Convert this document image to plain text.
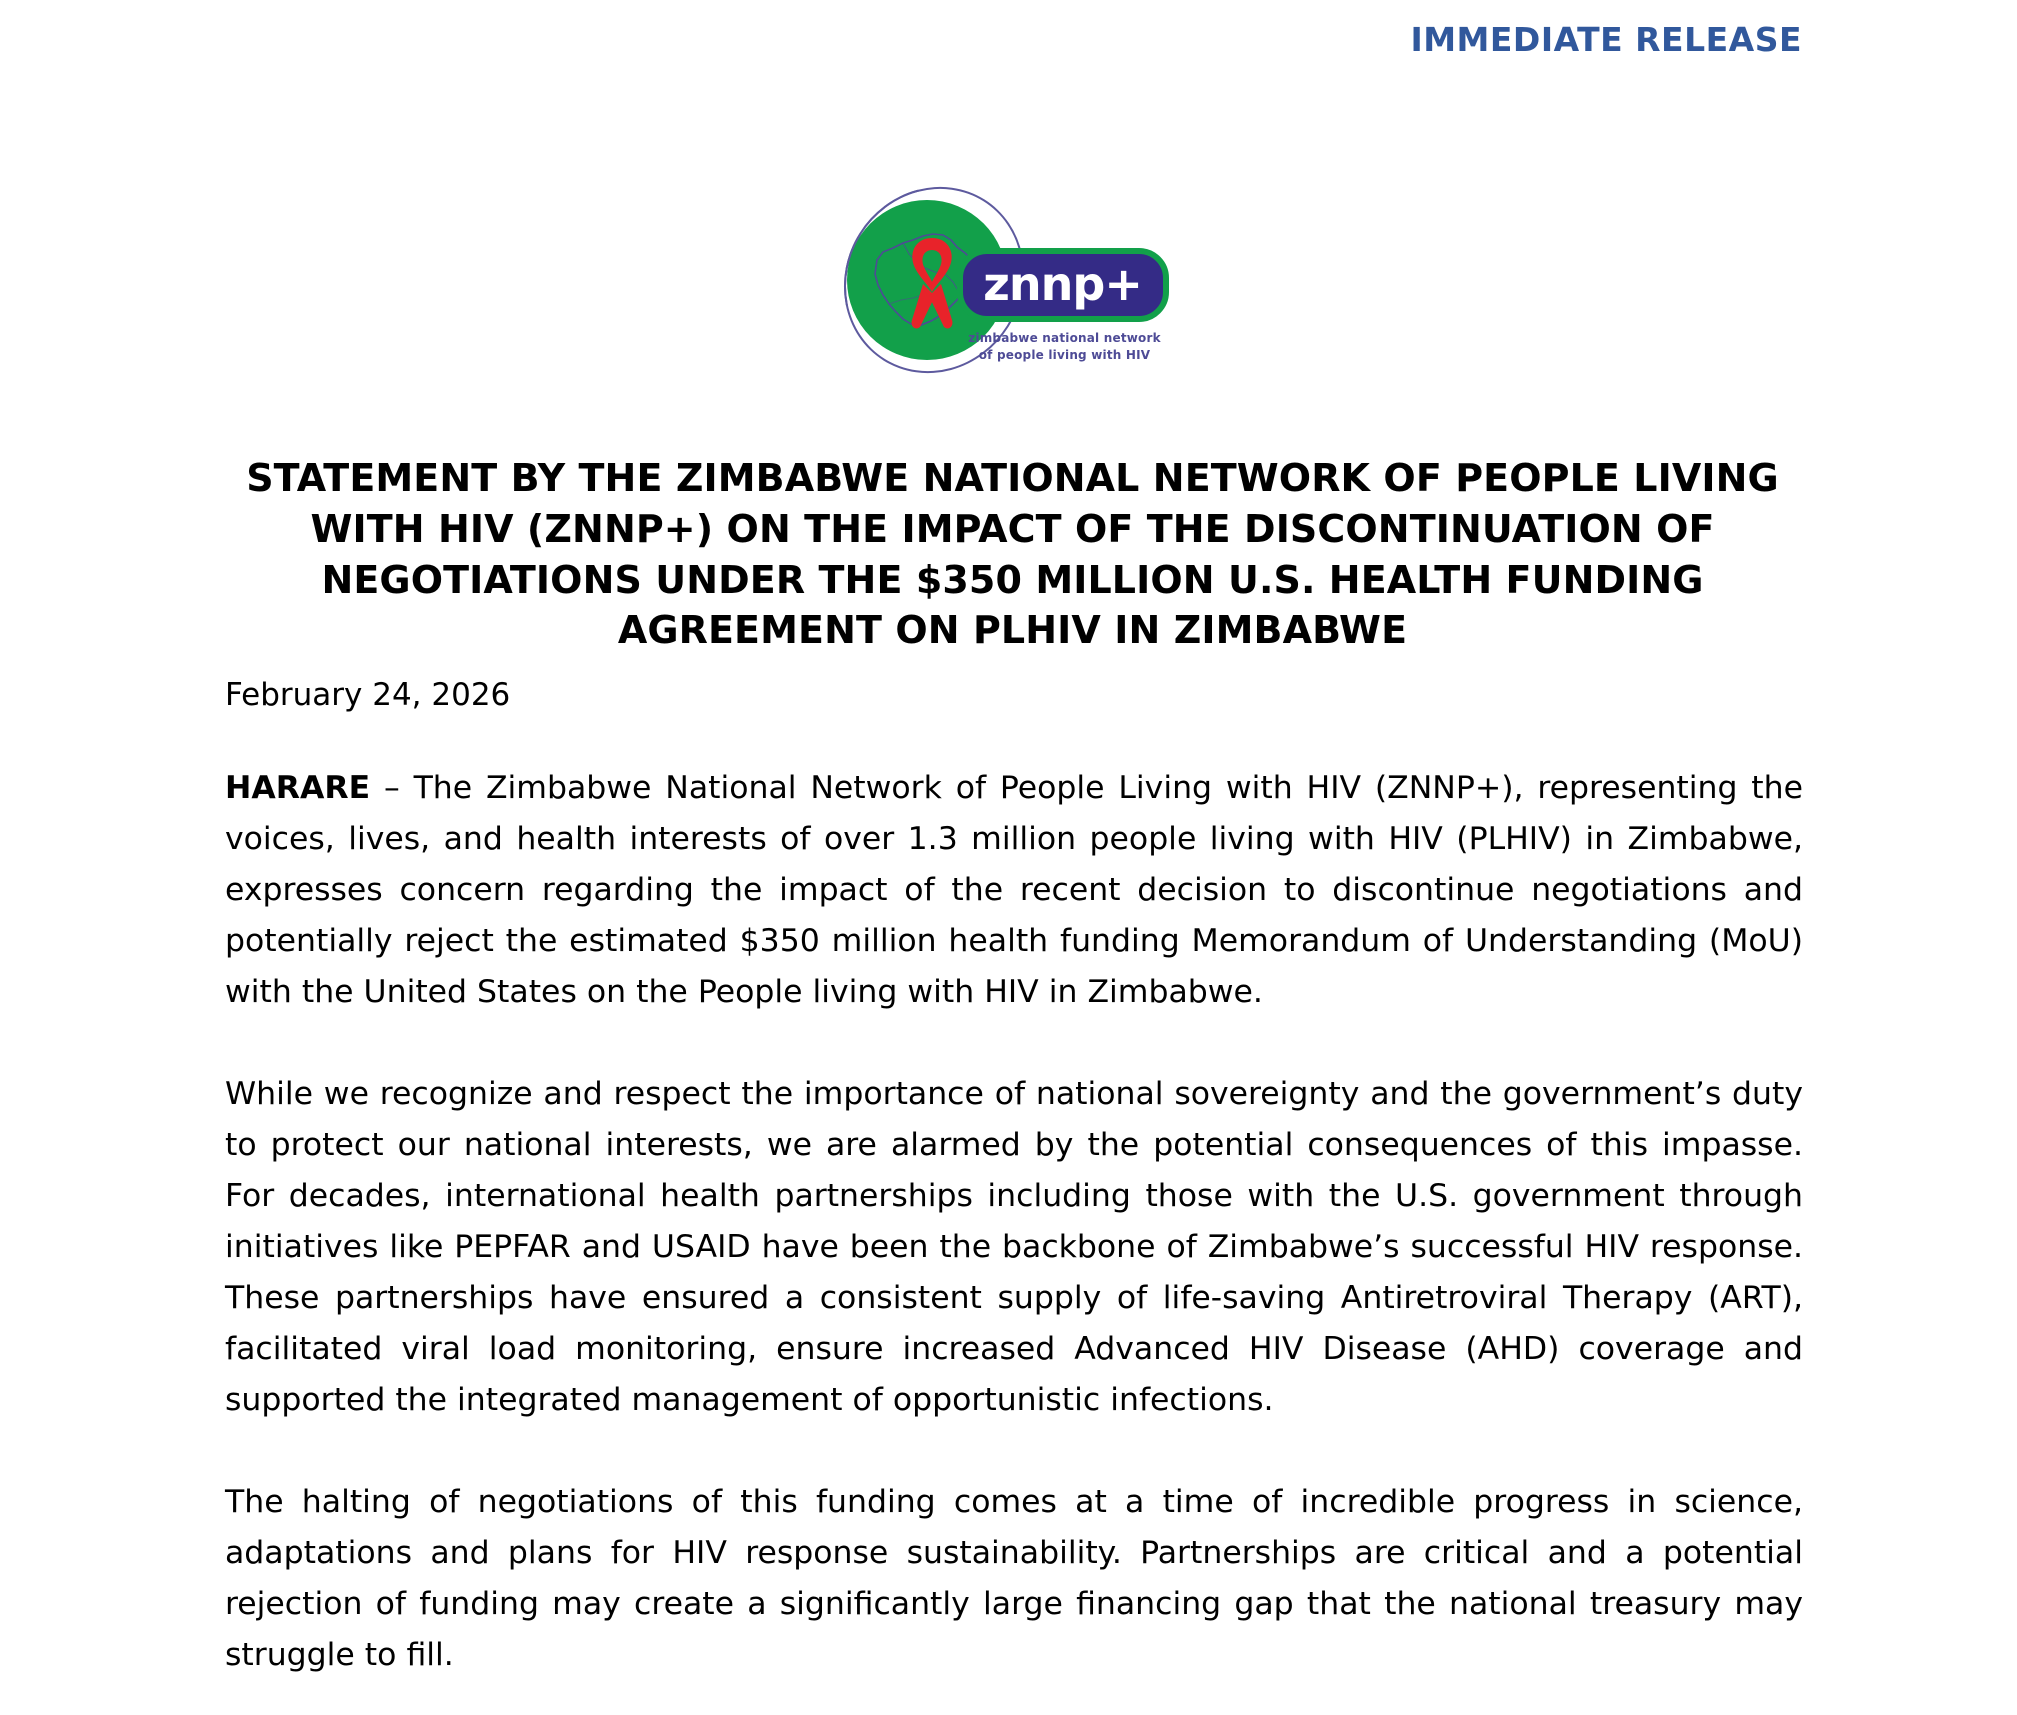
IMMEDIATE RELEASE
znnp+
zimbabwe national network
of people living with HIV
STATEMENT BY THE ZIMBABWE NATIONAL NETWORK OF PEOPLE LIVING WITH HIV (ZNNP+) ON THE IMPACT OF THE DISCONTINUATION OF NEGOTIATIONS UNDER THE $350 MILLION U.S. HEALTH FUNDING AGREEMENT ON PLHIV IN ZIMBABWE
February 24, 2026

HARARE – The Zimbabwe National Network of People Living with HIV (ZNNP+), representing the voices, lives, and health interests of over 1.3 million people living with HIV (PLHIV) in Zimbabwe, expresses concern regarding the impact of the recent decision to discontinue negotiations and potentially reject the estimated $350 million health funding Memorandum of Understanding (MoU) with the United States on the People living with HIV in Zimbabwe.

While we recognize and respect the importance of national sovereignty and the government’s duty to protect our national interests, we are alarmed by the potential consequences of this impasse. For decades, international health partnerships including those with the U.S. government through initiatives like PEPFAR and USAID have been the backbone of Zimbabwe’s successful HIV response. These partnerships have ensured a consistent supply of life-saving Antiretroviral Therapy (ART), facilitated viral load monitoring, ensure increased Advanced HIV Disease (AHD) coverage and supported the integrated management of opportunistic infections.

The halting of negotiations of this funding comes at a time of incredible progress in science, adaptations and plans for HIV response sustainability. Partnerships are critical and a potential rejection of funding may create a significantly large financing gap that the national treasury may struggle to fill.
